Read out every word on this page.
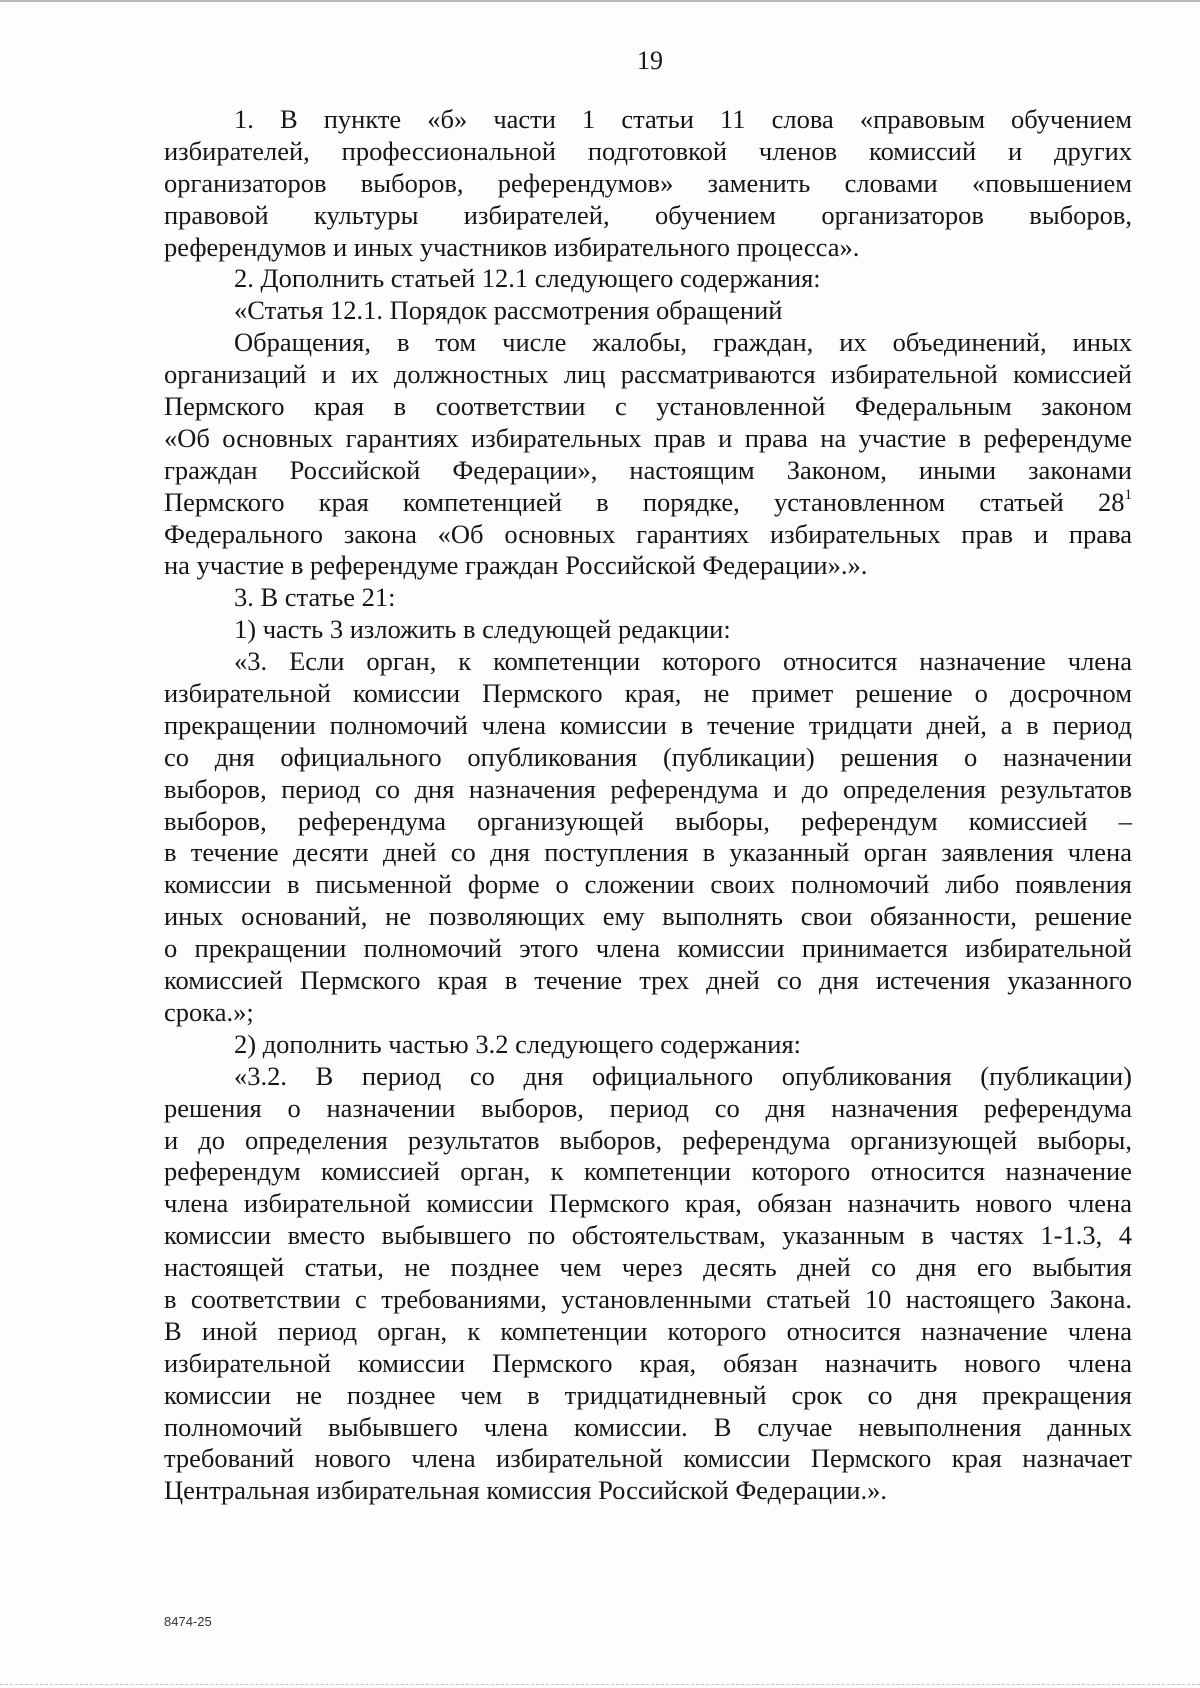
19
1. В пункте «б» части 1 статьи 11 слова «правовым обучением
избирателей, профессиональной подготовкой членов комиссий и других
организаторов выборов, референдумов» заменить словами «повышением
правовой культуры избирателей, обучением организаторов выборов,
референдумов и иных участников избирательного процесса».
2. Дополнить статьей 12.1 следующего содержания:
«Статья 12.1. Порядок рассмотрения обращений
Обращения, в том числе жалобы, граждан, их объединений, иных
организаций и их должностных лиц рассматриваются избирательной комиссией
Пермского края в соответствии с установленной Федеральным законом
«Об основных гарантиях избирательных прав и права на участие в референдуме
граждан Российской Федерации», настоящим Законом, иными законами
Пермского края компетенцией в порядке, установленном статьей $28^1$
Федерального закона «Об основных гарантиях избирательных прав и права
на участие в референдуме граждан Российской Федерации».».
3. В статье 21:
1) часть 3 изложить в следующей редакции:
«3. Если орган, к компетенции которого относится назначение члена
избирательной комиссии Пермского края, не примет решение о досрочном
прекращении полномочий члена комиссии в течение тридцати дней, а в период
со дня официального опубликования (публикации) решения о назначении
выборов, период со дня назначения референдума и до определения результатов
выборов, референдума организующей выборы, референдум комиссией –
в течение десяти дней со дня поступления в указанный орган заявления члена
комиссии в письменной форме о сложении своих полномочий либо появления
иных оснований, не позволяющих ему выполнять свои обязанности, решение
о прекращении полномочий этого члена комиссии принимается избирательной
комиссией Пермского края в течение трех дней со дня истечения указанного
срока.»;
2) дополнить частью 3.2 следующего содержания:
«3.2. В период со дня официального опубликования (публикации)
решения о назначении выборов, период со дня назначения референдума
и до определения результатов выборов, референдума организующей выборы,
референдум комиссией орган, к компетенции которого относится назначение
члена избирательной комиссии Пермского края, обязан назначить нового члена
комиссии вместо выбывшего по обстоятельствам, указанным в частях 1-1.3, 4
настоящей статьи, не позднее чем через десять дней со дня его выбытия
в соответствии с требованиями, установленными статьей 10 настоящего Закона.
В иной период орган, к компетенции которого относится назначение члена
избирательной комиссии Пермского края, обязан назначить нового члена
комиссии не позднее чем в тридцатидневный срок со дня прекращения
полномочий выбывшего члена комиссии. В случае невыполнения данных
требований нового члена избирательной комиссии Пермского края назначает
Центральная избирательная комиссия Российской Федерации.».
8474-25
